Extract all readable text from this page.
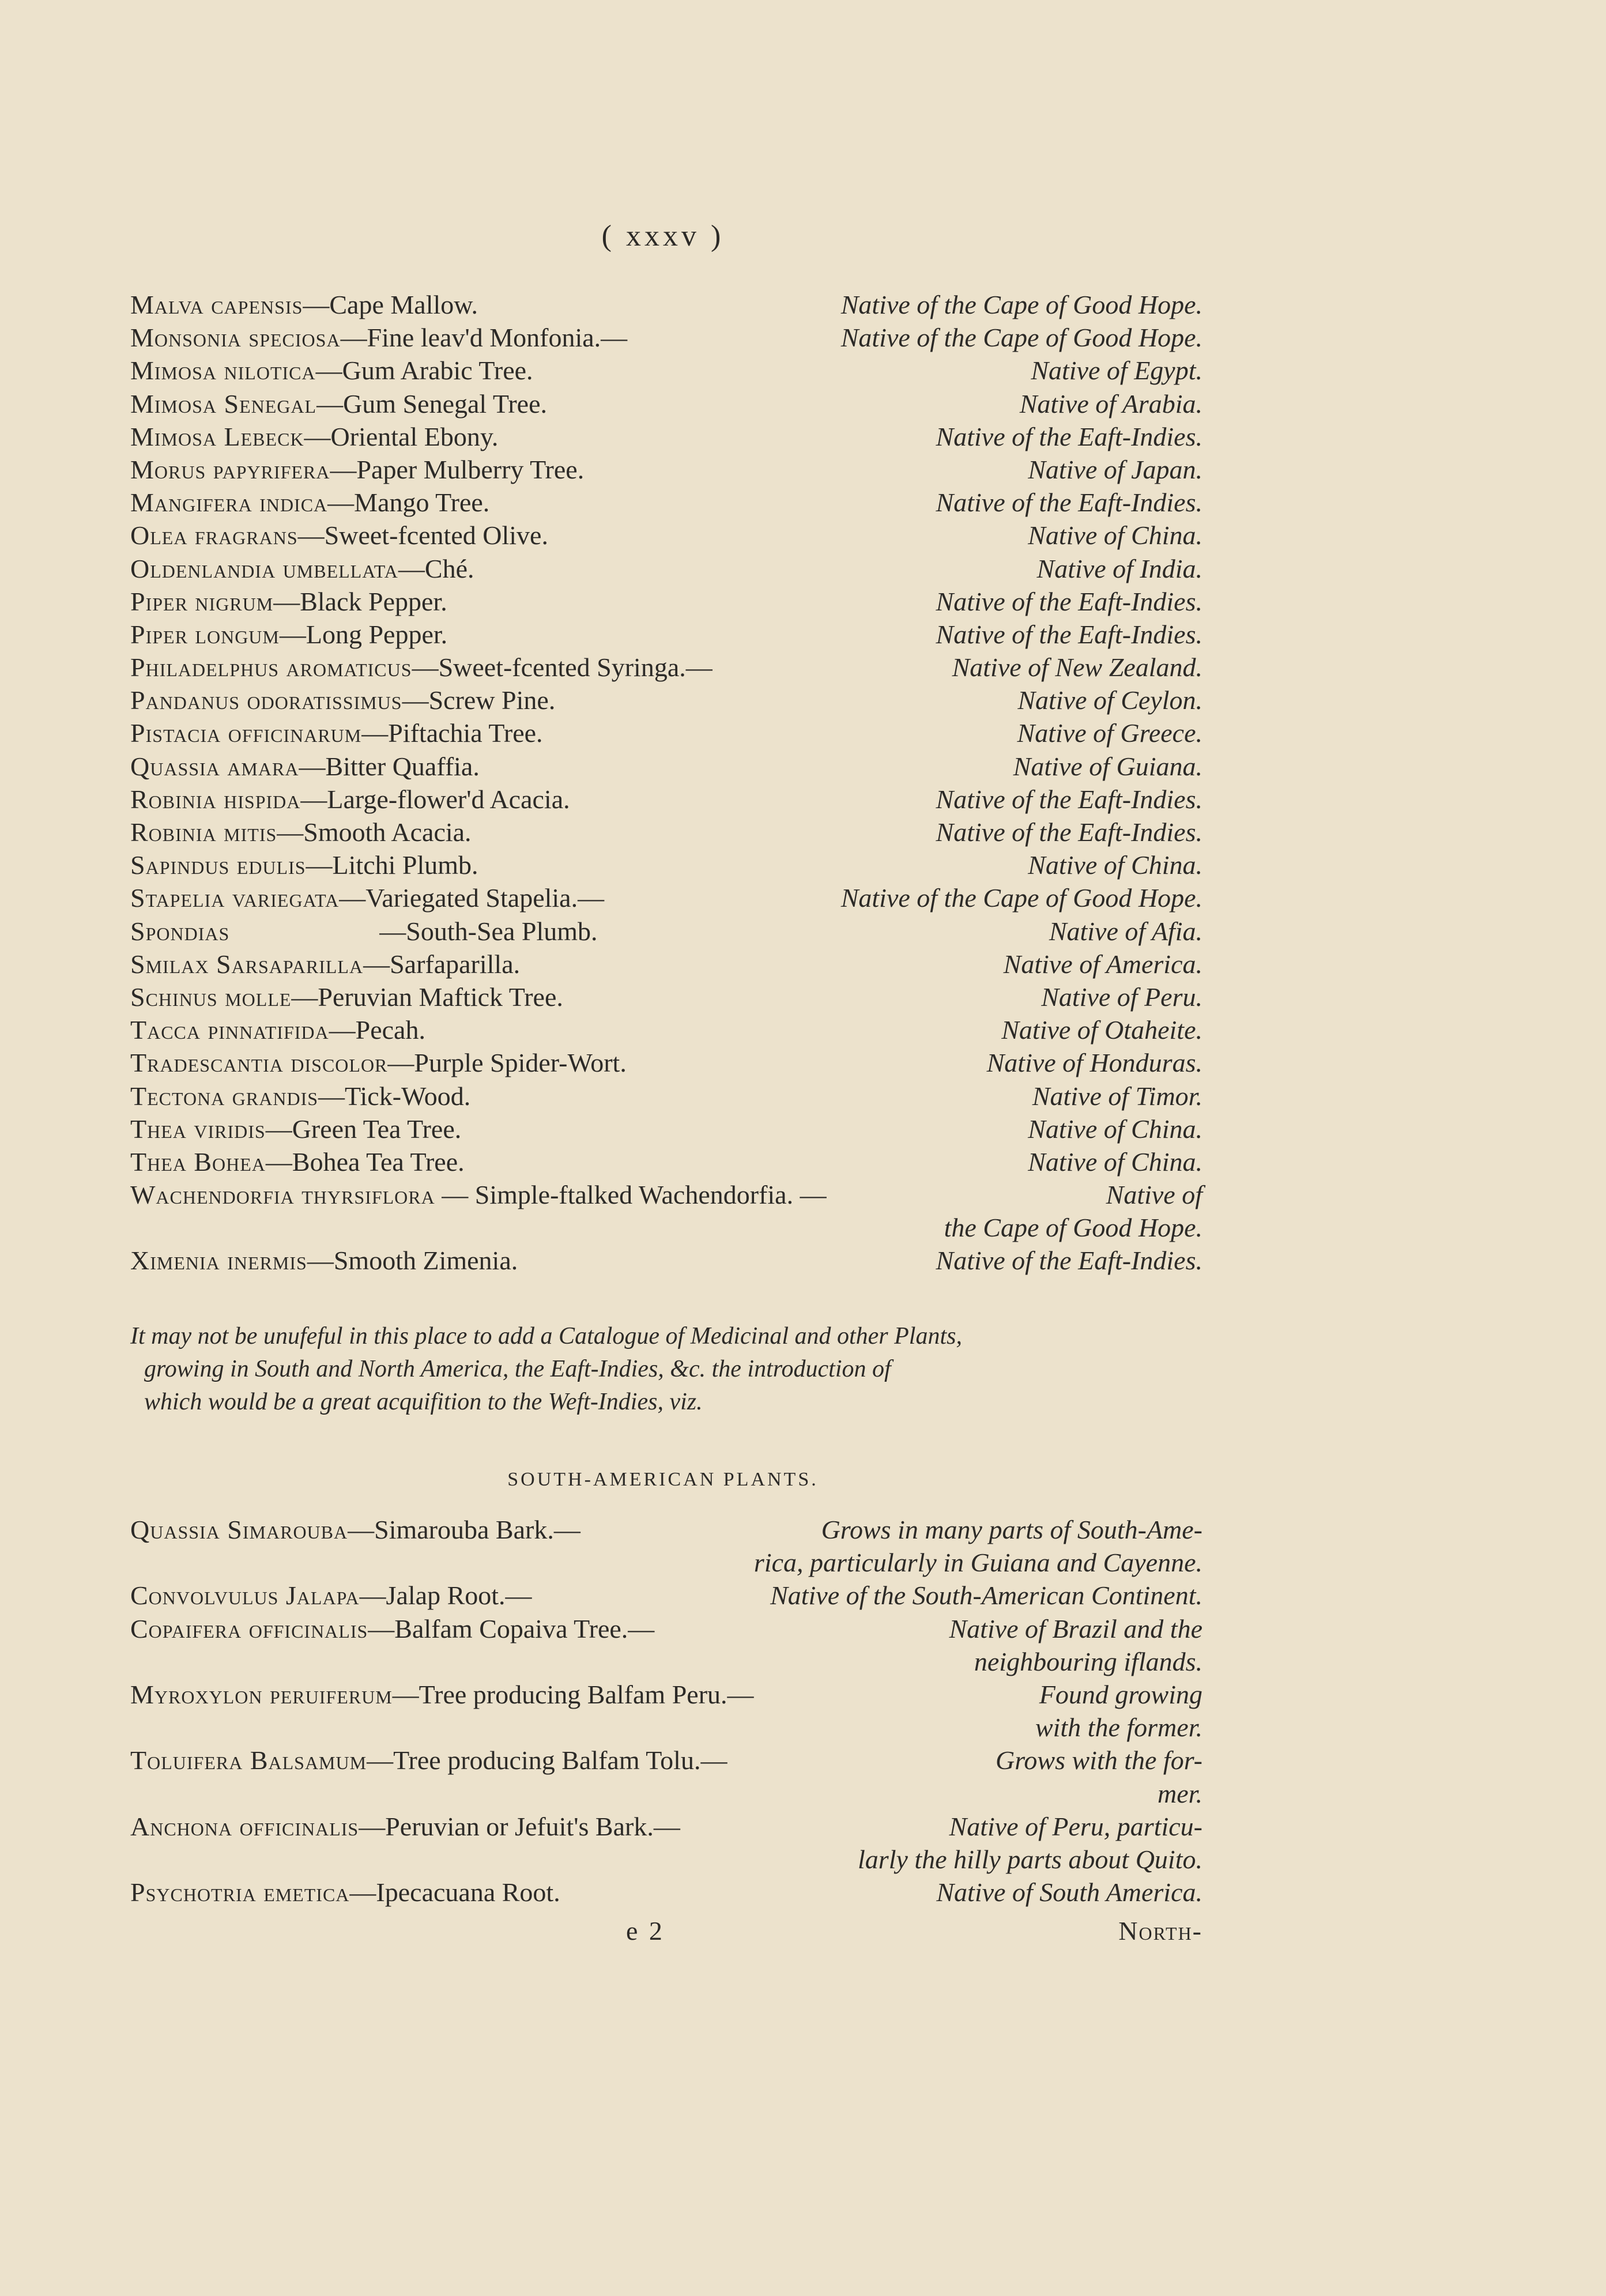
( xxxv )
Malva capensis—Cape Mallow.	Native of the Cape of Good Hope.
Monsonia speciosa—Fine leav'd Monfonia.—	Native of the Cape of Good Hope.
Mimosa nilotica—Gum Arabic Tree.	Native of Egypt.
Mimosa Senegal—Gum Senegal Tree.	Native of Arabia.
Mimosa Lebeck—Oriental Ebony.	Native of the Eaft-Indies.
Morus papyrifera—Paper Mulberry Tree.	Native of Japan.
Mangifera indica—Mango Tree.	Native of the Eaft-Indies.
Olea fragrans—Sweet-fcented Olive.	Native of China.
Oldenlandia umbellata—Ché.	Native of India.
Piper nigrum—Black Pepper.	Native of the Eaft-Indies.
Piper longum—Long Pepper.	Native of the Eaft-Indies.
Philadelphus aromaticus—Sweet-fcented Syringa.—	Native of New Zealand.
Pandanus odoratissimus—Screw Pine.	Native of Ceylon.
Pistacia officinarum—Piftachia Tree.	Native of Greece.
Quassia amara—Bitter Quaffia.	Native of Guiana.
Robinia hispida—Large-flower'd Acacia.	Native of the Eaft-Indies.
Robinia mitis—Smooth Acacia.	Native of the Eaft-Indies.
Sapindus edulis—Litchi Plumb.	Native of China.
Stapelia variegata—Variegated Stapelia.—	Native of the Cape of Good Hope.
Spondias	—South-Sea Plumb.	Native of Afia.
Smilax Sarsaparilla—Sarfaparilla.	Native of America.
Schinus molle—Peruvian Maftick Tree.	Native of Peru.
Tacca pinnatifida—Pecah.	Native of Otaheite.
Tradescantia discolor—Purple Spider-Wort.	Native of Honduras.
Tectona grandis—Tick-Wood.	Native of Timor.
Thea viridis—Green Tea Tree.	Native of China.
Thea Bohea—Bohea Tea Tree.	Native of China.
Wachendorfia thyrsiflora — Simple-ftalked Wachendorfia. —	Native of
the Cape of Good Hope.
Ximenia inermis—Smooth Zimenia.	Native of the Eaft-Indies.
It may not be unufeful in this place to add a Catalogue of Medicinal and other Plants,
growing in South and North America, the Eaft-Indies, &c. the introduction of
which would be a great acquifition to the Weft-Indies, viz.
SOUTH-AMERICAN PLANTS.
Quassia Simarouba—Simarouba Bark.—	Grows in many parts of South-Ame-
rica, particularly in Guiana and Cayenne.
Convolvulus Jalapa—Jalap Root.—	Native of the South-American Continent.
Copaifera officinalis—Balfam Copaiva Tree.—	Native of Brazil and the
neighbouring iflands.
Myroxylon peruiferum—Tree producing Balfam Peru.—	Found growing
with the former.
Toluifera Balsamum—Tree producing Balfam Tolu.—	Grows with the for-
mer.
Anchona officinalis—Peruvian or Jefuit's Bark.—	Native of Peru, particu-
larly the hilly parts about Quito.
Psychotria emetica—Ipecacuana Root.	Native of South America.
e 2	North-
